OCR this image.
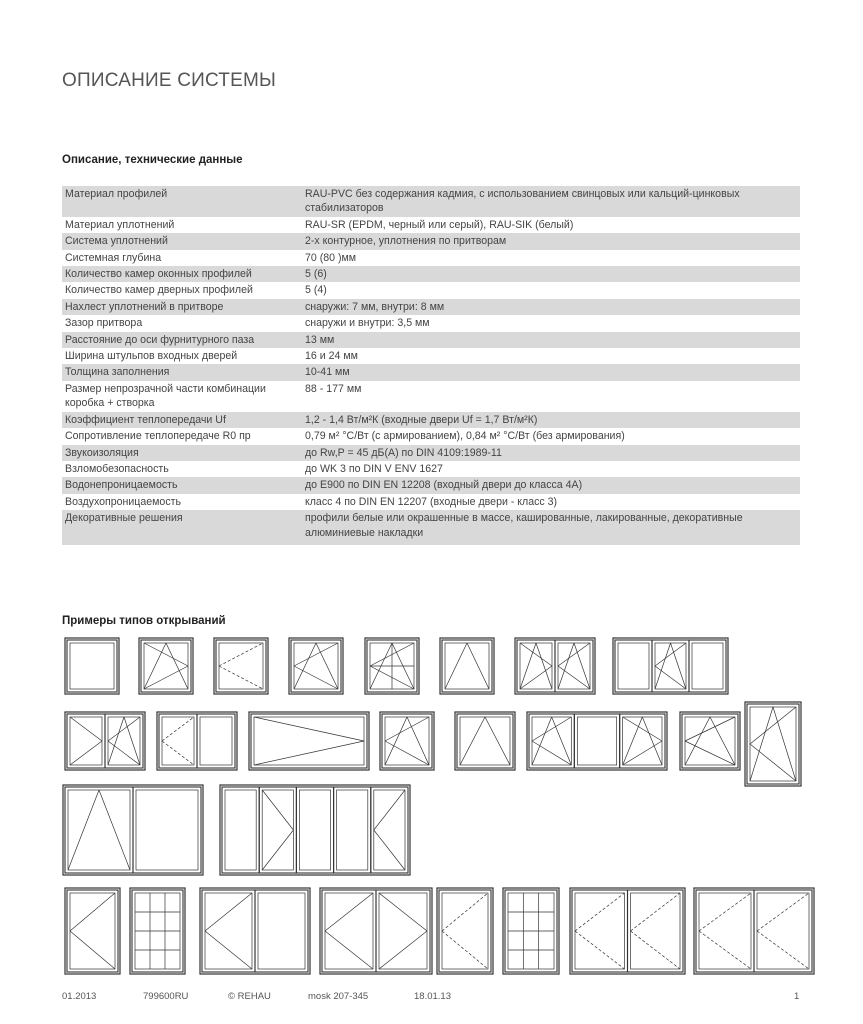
ОПИСАНИЕ СИСТЕМЫ
Описание, технические данные
Материал профилей	RAU-PVC без содержания кадмия, с использованием свинцовых или кальций-цинковых стабилизаторов
Материал уплотнений	RAU-SR (EPDM, черный или серый), RAU-SIK (белый)
Система уплотнений	2-х контурное, уплотнения по притворам
Системная глубина	70 (80 )мм
Количество камер оконных профилей	5 (6)
Количество камер дверных профилей	5 (4)
Нахлест уплотнений в притворе	снаружи: 7 мм, внутри: 8 мм
Зазор притвора	снаружи и внутри: 3,5 мм
Расстояние до оси фурнитурного паза	13 мм
Ширина штульпов входных дверей	16 и 24 мм
Толщина заполнения	10-41 мм
Размер непрозрачной части комбинации коробка + створка	88 - 177 мм
Коэффициент теплопередачи Uf	1,2 - 1,4 Вт/м²К (входные двери Uf = 1,7 Вт/м²К)
Сопротивление теплопередаче R0 пр	0,79 м² °С/Вт (с армированием), 0,84 м² °С/Вт (без армирования)
Звукоизоляция	до Rw,P = 45 дБ(А) по DIN 4109:1989-11
Взломобезопасность	до WK 3 по DIN V ENV 1627
Водонепроницаемость	до E900 по DIN EN 12208 (входный двери до класса 4А)
Воздухопроницаемость	класс 4 по DIN EN 12207 (входные двери - класс 3)
Декоративные решения	профили белые или окрашенные в массе, кашированные, лакированные, декоративные алюминиевые накладки
Примеры типов открываний
01.2013	799600RU	© REHAU	mosk 207-345	18.01.13	1
